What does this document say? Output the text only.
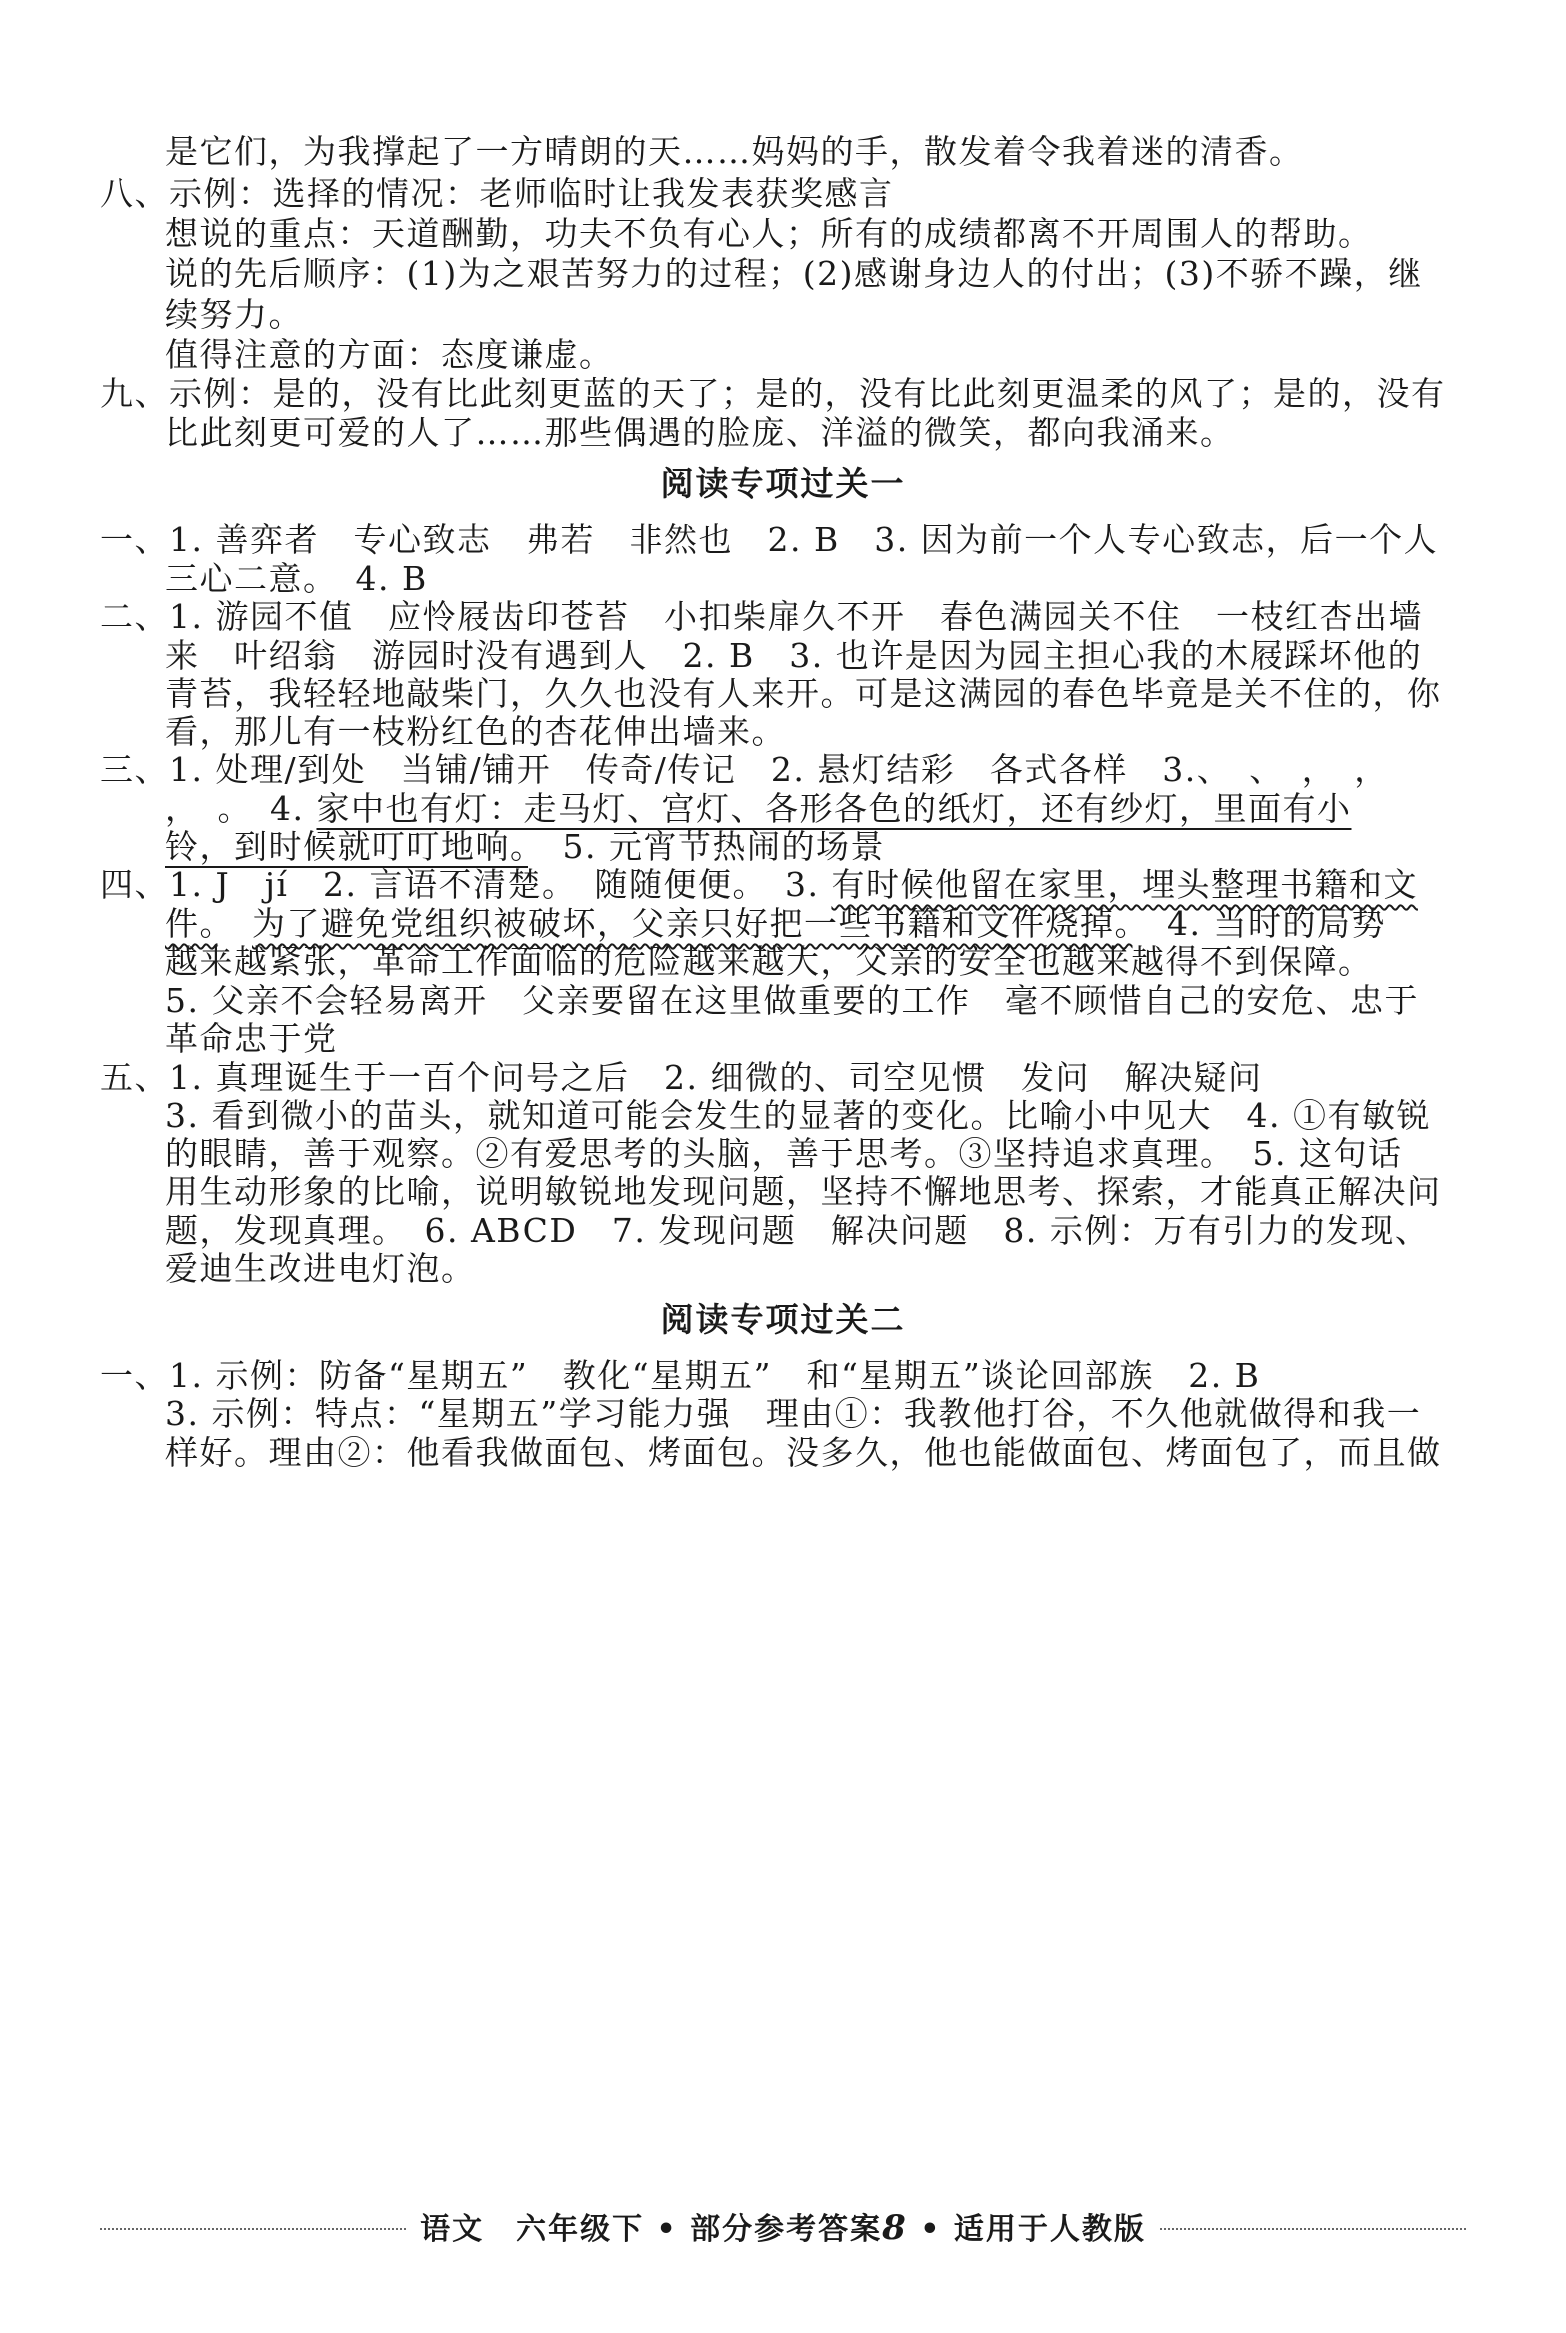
是它们，为我撑起了一方晴朗的天……妈妈的手，散发着令我着迷的清香。
八、示例：选择的情况：老师临时让我发表获奖感言
想说的重点：天道酬勤，功夫不负有心人；所有的成绩都离不开周围人的帮助。
说的先后顺序：(1)为之艰苦努力的过程；(2)感谢身边人的付出；(3)不骄不躁，继
续努力。
值得注意的方面：态度谦虚。
九、示例：是的，没有比此刻更蓝的天了；是的，没有比此刻更温柔的风了；是的，没有
比此刻更可爱的人了……那些偶遇的脸庞、洋溢的微笑，都向我涌来。
阅读专项过关一
一、1. 善弈者　专心致志　弗若　非然也　2. B　3. 因为前一个人专心致志，后一个人
三心二意。　4. B
二、1. 游园不值　应怜屐齿印苍苔　小扣柴扉久不开　春色满园关不住　一枝红杏出墙
来　叶绍翁　游园时没有遇到人　2. B　3. 也许是因为园主担心我的木屐踩坏他的
青苔，我轻轻地敲柴门，久久也没有人来开。可是这满园的春色毕竟是关不住的，你
看，那儿有一枝粉红色的杏花伸出墙来。
三、1. 处理/到处　当铺/铺开　传奇/传记　2. 悬灯结彩　各式各样　3.、　、　，　，
，　。　4. 家中也有灯：走马灯、宫灯、各形各色的纸灯，还有纱灯，里面有小
铃，到时候就叮叮地响。　5. 元宵节热闹的场景
四、1. J　jí　2. 言语不清楚。　随随便便。　3. 有时候他留在家里，埋头整理书籍和文
件。　 为了避免党组织被破坏，父亲只好把一些书籍和文件烧掉。　4. 当时的局势
越来越紧张，革命工作面临的危险越来越大，父亲的安全也越来越得不到保障。
5. 父亲不会轻易离开　父亲要留在这里做重要的工作　毫不顾惜自己的安危、忠于
革命忠于党
五、1. 真理诞生于一百个问号之后　2. 细微的、司空见惯　发问　解决疑问
3. 看到微小的苗头，就知道可能会发生的显著的变化。比喻小中见大　4. ①有敏锐
的眼睛，善于观察。②有爱思考的头脑，善于思考。③坚持追求真理。　5. 这句话
用生动形象的比喻，说明敏锐地发现问题，坚持不懈地思考、探索，才能真正解决问
题，发现真理。　6. ABCD　7. 发现问题　解决问题　8. 示例：万有引力的发现、
爱迪生改进电灯泡。
阅读专项过关二
一、1. 示例：防备“星期五”　教化“星期五”　和“星期五”谈论回部族　2. B
3. 示例：特点：“星期五”学习能力强　理由①：我教他打谷，不久他就做得和我一
样好。理由②：他看我做面包、烤面包。没多久，他也能做面包、烤面包了，而且做
语文　六年级下 • 部分参考答案8 • 适用于人教版
